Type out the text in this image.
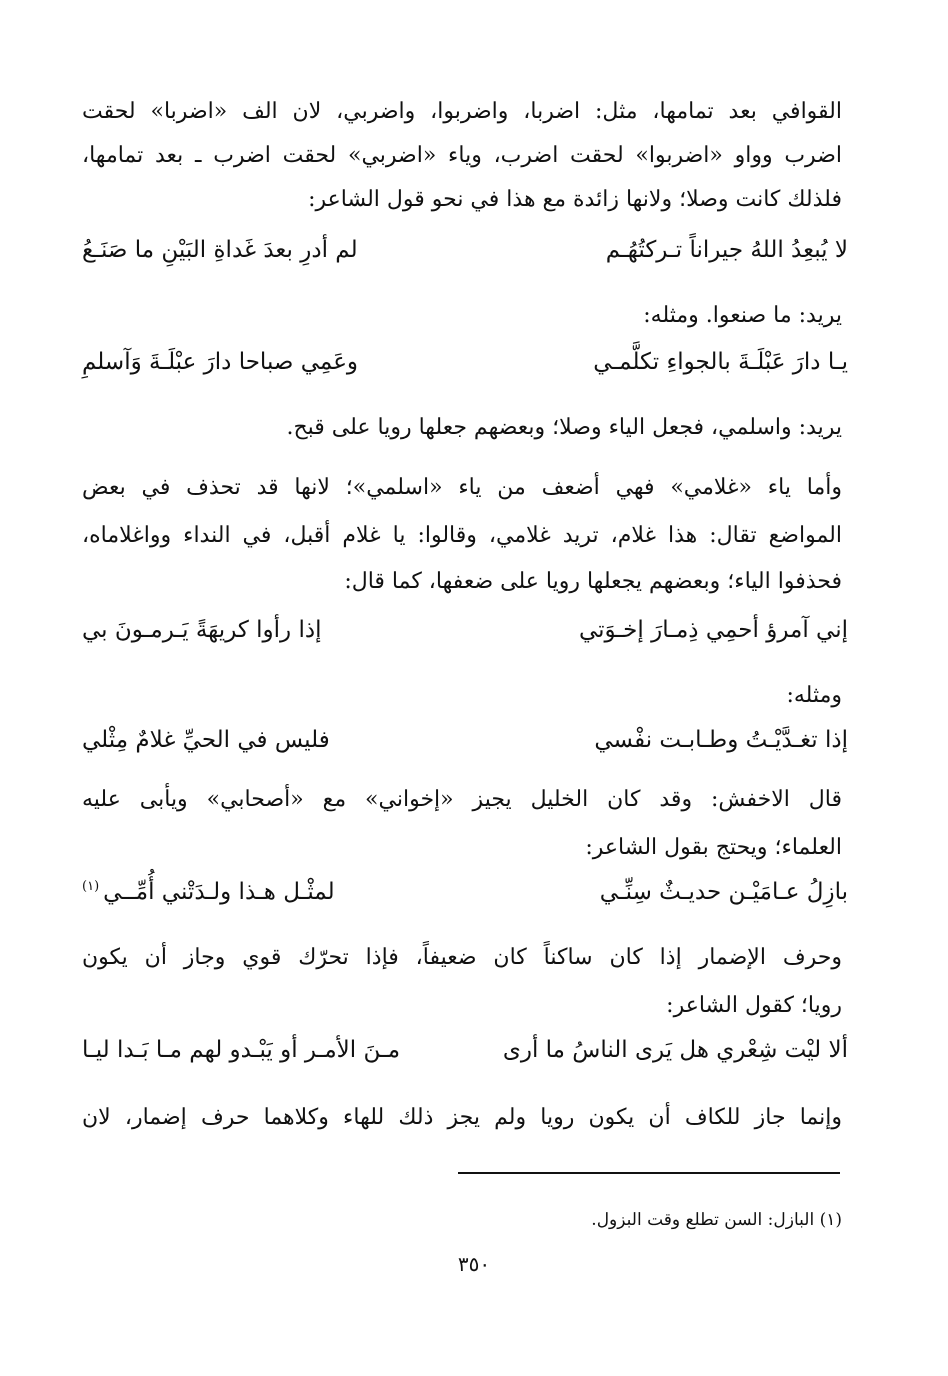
القوافي بعد تمامها، مثل: اضربا، واضربوا، واضربي، لان الف «اضربا» لحقت
اضرب وواو «اضربوا» لحقت اضرب، وياء «اضربي» لحقت اضرب ـ بعد تمامها،
فلذلك كانت وصلا؛ ولانها زائدة مع هذا في نحو قول الشاعر:
لا يُبعِدُ اللهُ جيراناً تـركتُهُـم
لم أدرِ بعدَ غَداةِ البَيْنِ ما صَنَـعُ
يريد: ما صنعوا. ومثله:
يـا دارَ عَبْلَـةَ بالجواءِ تكلَّمـي
وعَمِي صباحا دارَ عبْلَـةَ وَآسلمِ
يريد: واسلمي، فجعل الياء وصلا؛ وبعضهم جعلها رويا على قبح.
وأما ياء «غلامي» فهي أضعف من ياء «اسلمي»؛ لانها قد تحذف في بعض
المواضع تقال: هذا غلام، تريد غلامي، وقالوا: يا غلام أقبل، في النداء وواغلاماه،
فحذفوا الياء؛ وبعضهم يجعلها رويا على ضعفها، كما قال:
إني آمرؤ أحمِي ذِمـارَ إخـوَتي
إذا رأوا كريهَةً يَـرمـونَ بي
ومثله:
إذا تغـدَّيْـتُ وطـابـت نفْسي
فليس في الحيِّ غلامٌ مِثْلي
قال الاخفش: وقد كان الخليل يجيز «إخواني» مع «أصحابي» ويأبى عليه
العلماء؛ ويحتج بقول الشاعر:
بازِلُ عـامَيْـن حديـثٌ سِنِّـي
لمثْـل هـذا ولـدَتْني أُمِّــي$^{(١)}$
وحرف الإضمار إذا كان ساكناً كان ضعيفاً، فإذا تحرّك قوي وجاز أن يكون
رويا؛ كقول الشاعر:
ألا ليْت شِعْري هل يَرى الناسُ ما أرى
مـنَ الأمـر أو يَبْـدو لهم مـا بَـدا ليـا
وإنما جاز للكاف أن يكون رويا ولم يجز ذلك للهاء وكلاهما حرف إضمار، لان
(١) البازل: السن تطلع وقت البزول.
٣٥٠
